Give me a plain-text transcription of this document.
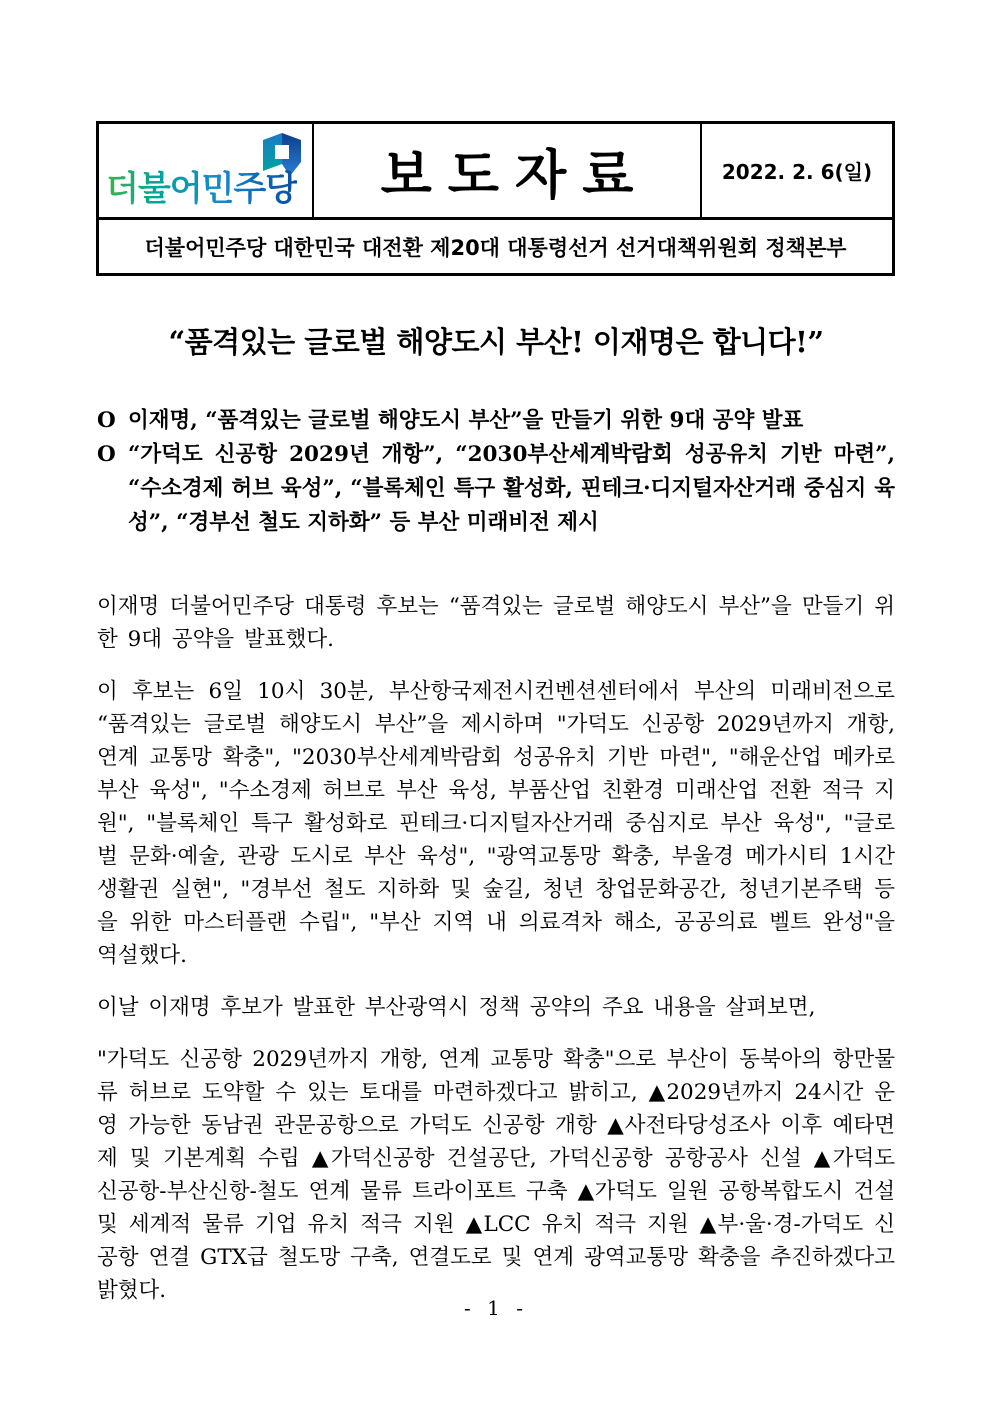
더불어민주당	보도자료	2022. 2. 6(일)
더불어민주당 대한민국 대전환 제20대 대통령선거 선거대책위원회 정책본부
“품격있는 글로벌 해양도시 부산! 이재명은 합니다!”
O 이재명, “품격있는 글로벌 해양도시 부산”을 만들기 위한 9대 공약 발표
O “가덕도 신공항 2029년 개항”, “2030부산세계박람회 성공유치 기반 마련”, “수소경제 허브 육성”, “블록체인 특구 활성화, 핀테크·디지털자산거래 중심지 육성”, “경부선 철도 지하화” 등 부산 미래비전 제시

이재명 더불어민주당 대통령 후보는 “품격있는 글로벌 해양도시 부산”을 만들기 위한 9대 공약을 발표했다.

이 후보는 6일 10시 30분, 부산항국제전시컨벤션센터에서 부산의 미래비전으로 “품격있는 글로벌 해양도시 부산”을 제시하며 "가덕도 신공항 2029년까지 개항, 연계 교통망 확충", "2030부산세계박람회 성공유치 기반 마련", "해운산업 메카로 부산 육성", "수소경제 허브로 부산 육성, 부품산업 친환경 미래산업 전환 적극 지원", "블록체인 특구 활성화로 핀테크·디지털자산거래 중심지로 부산 육성", "글로벌 문화·예술, 관광 도시로 부산 육성", "광역교통망 확충, 부울경 메가시티 1시간 생활권 실현", "경부선 철도 지하화 및 숲길, 청년 창업문화공간, 청년기본주택 등을 위한 마스터플랜 수립", "부산 지역 내 의료격차 해소, 공공의료 벨트 완성"을 역설했다.

이날 이재명 후보가 발표한 부산광역시 정책 공약의 주요 내용을 살펴보면,

"가덕도 신공항 2029년까지 개항, 연계 교통망 확충"으로 부산이 동북아의 항만물류 허브로 도약할 수 있는 토대를 마련하겠다고 밝히고, ▲2029년까지 24시간 운영 가능한 동남권 관문공항으로 가덕도 신공항 개항 ▲사전타당성조사 이후 예타면제 및 기본계획 수립 ▲가덕신공항 건설공단, 가덕신공항 공항공사 신설 ▲가덕도 신공항-부산신항-철도 연계 물류 트라이포트 구축 ▲가덕도 일원 공항복합도시 건설 및 세계적 물류 기업 유치 적극 지원 ▲LCC 유치 적극 지원 ▲부·울·경-가덕도 신공항 연결 GTX급 철도망 구축, 연결도로 및 연계 광역교통망 확충을 추진하겠다고 밝혔다.

- 1 -
